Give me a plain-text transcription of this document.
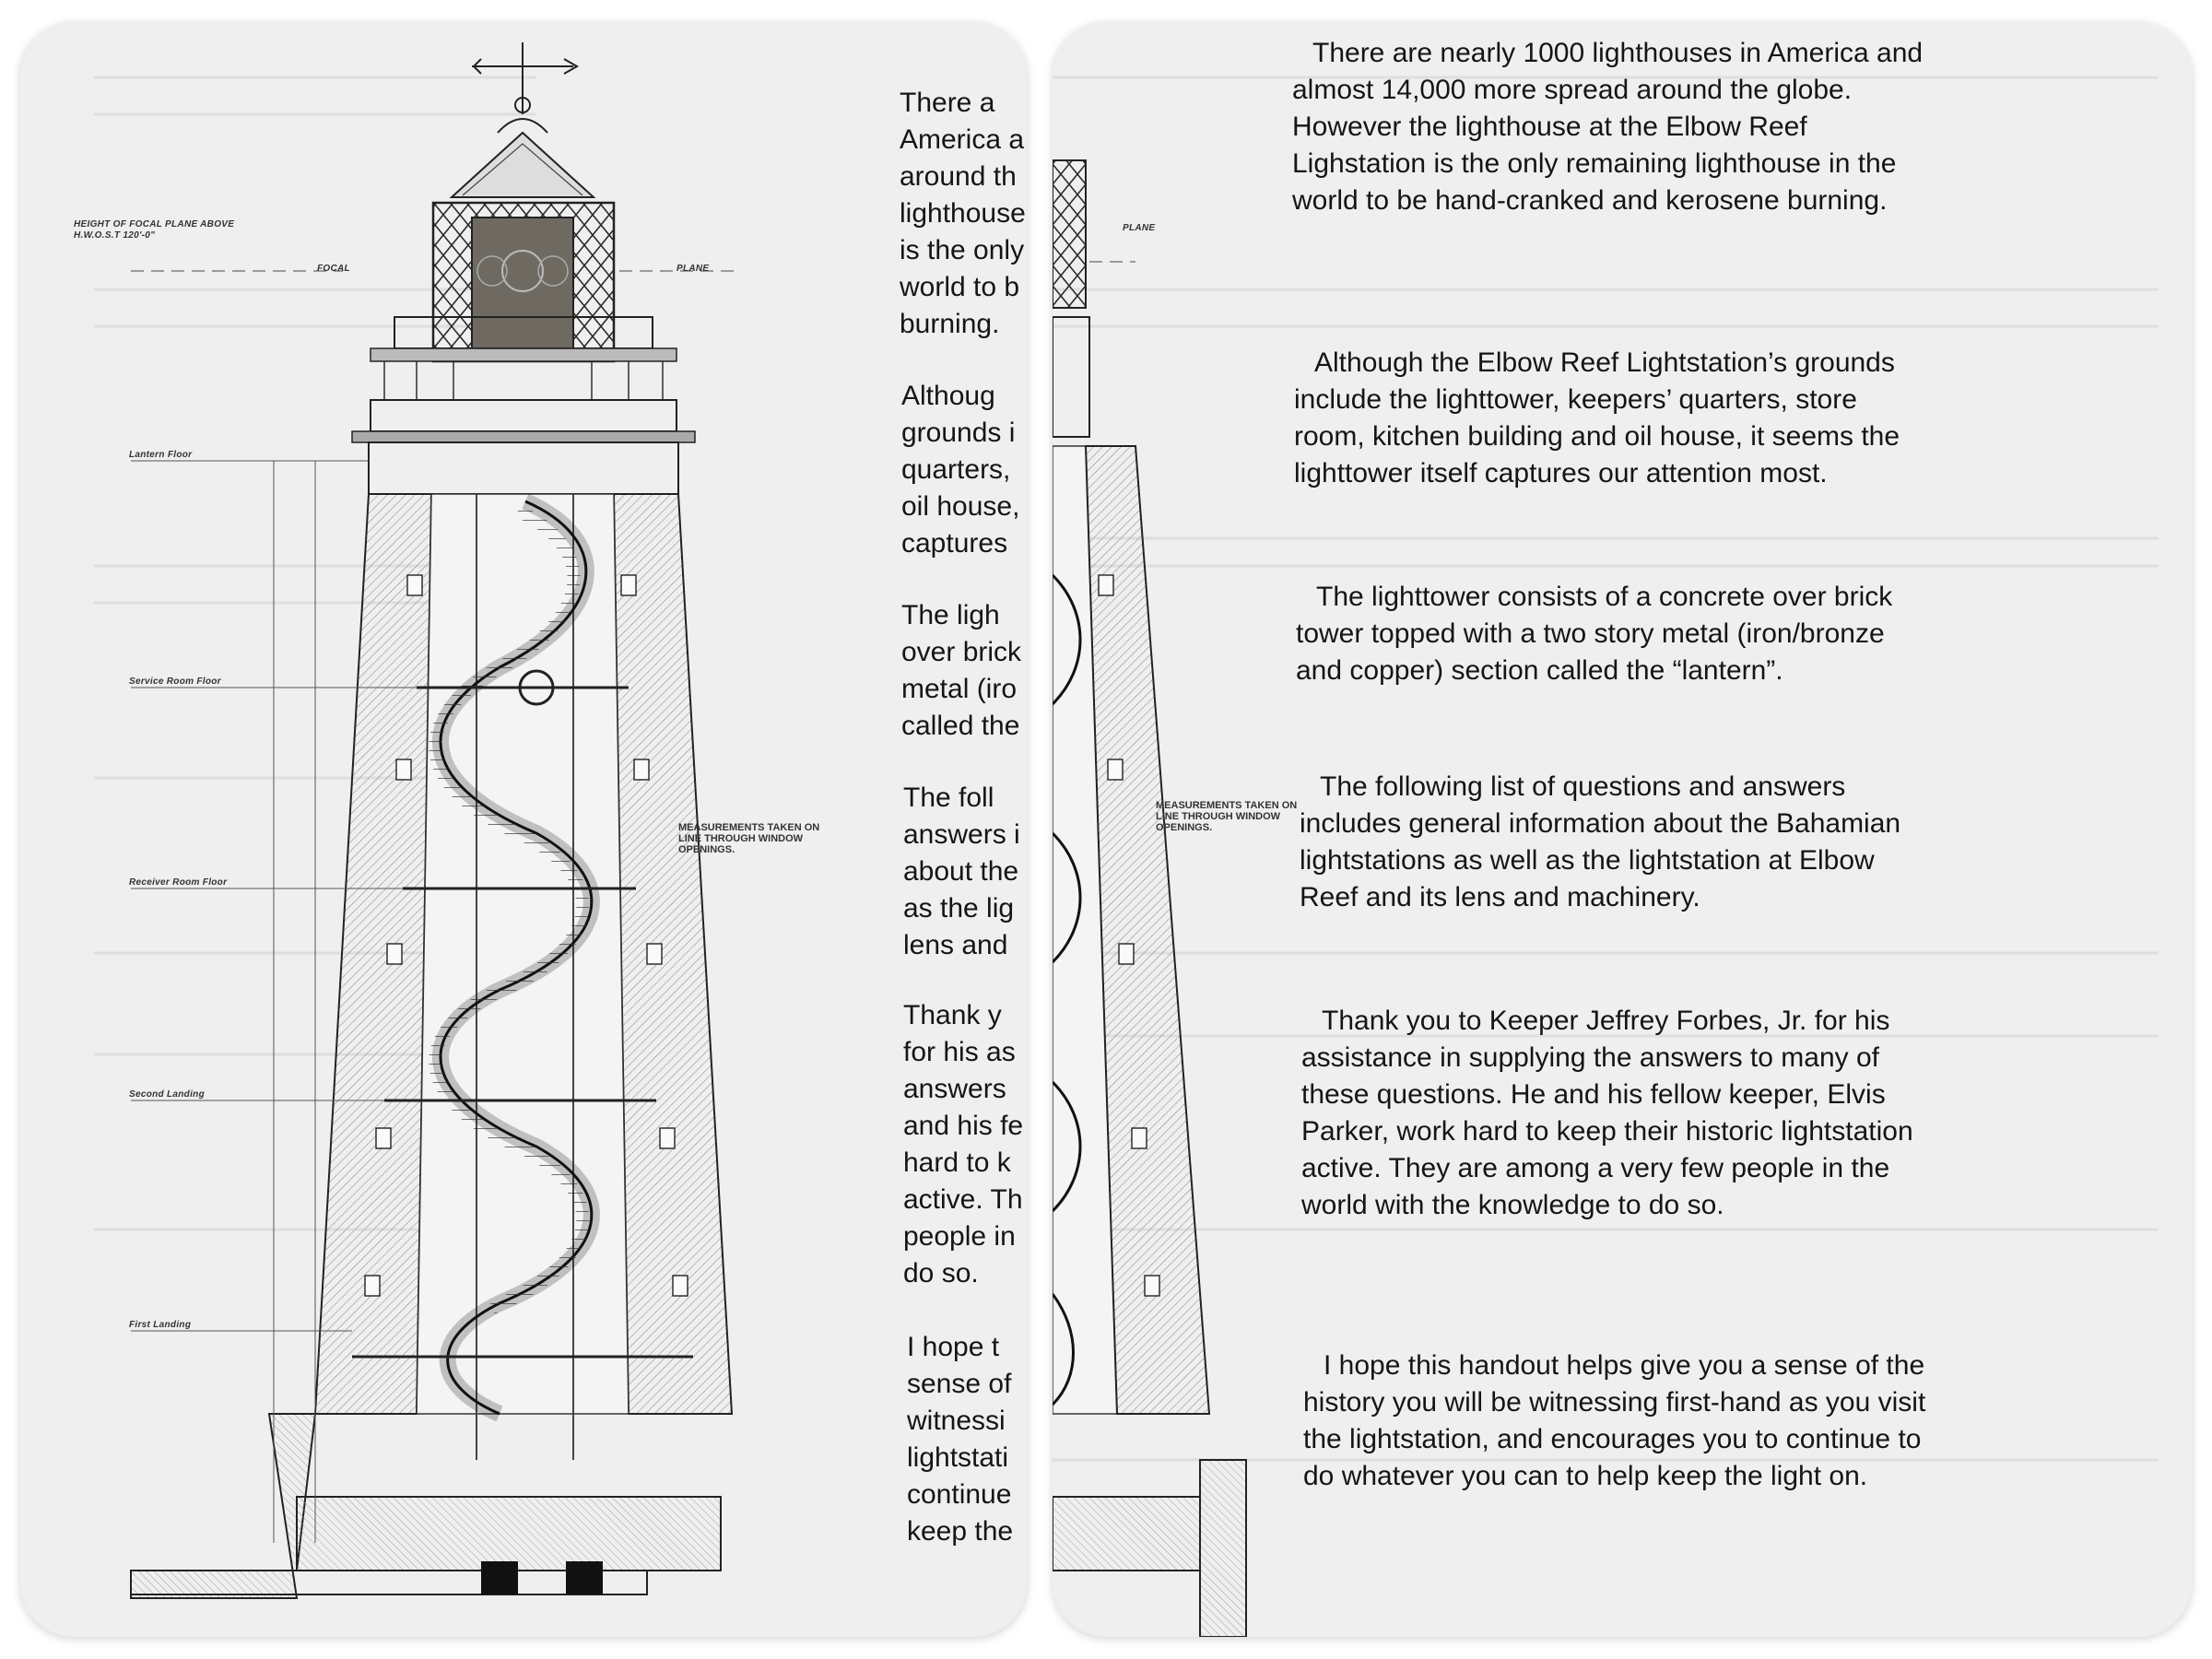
HEIGHT OF FOCAL PLANE ABOVE H.W.O.S.T 120'-0"

FOCAL	PLANE

Lantern Floor

Service Room Floor

Receiver Room Floor

Second Landing

First Landing

MEASUREMENTS TAKEN ON LINE THROUGH WINDOW OPENINGS.

There a
America a
around th
lighthouse
is the only
world to b
burning.

Althoug
grounds i
quarters,
oil house,
captures

The ligh
over brick
metal (iro
called the

The foll
answers i
about the
as the lig
lens and

Thank y
for his as
answers
and his fe
hard to k
active. Th
people in
do so.

I hope t
sense of
witnessi
lightstati
continue
keep the

PLANE

MEASUREMENTS TAKEN ON LINE THROUGH WINDOW OPENINGS.

There are nearly 1000 lighthouses in America and almost 14,000 more spread around the globe. However the lighthouse at the Elbow Reef Lighstation is the only remaining lighthouse in the world to be hand-cranked and kerosene burning.

Although the Elbow Reef Lightstation’s grounds include the lighttower, keepers’ quarters, store room, kitchen building and oil house, it seems the lighttower itself captures our attention most.

The lighttower consists of a concrete over brick tower topped with a two story metal (iron/bronze and copper) section called the “lantern”.

The following list of questions and answers includes general information about the Bahamian lightstations as well as the lightstation at Elbow Reef and its lens and machinery.

Thank you to Keeper Jeffrey Forbes, Jr. for his assistance in supplying the answers to many of these questions. He and his fellow keeper, Elvis Parker, work hard to keep their historic lightstation active. They are among a very few people in the world with the knowledge to do so.

I hope this handout helps give you a sense of the history you will be witnessing first-hand as you visit the lightstation, and encourages you to continue to do whatever you can to help keep the light on.
